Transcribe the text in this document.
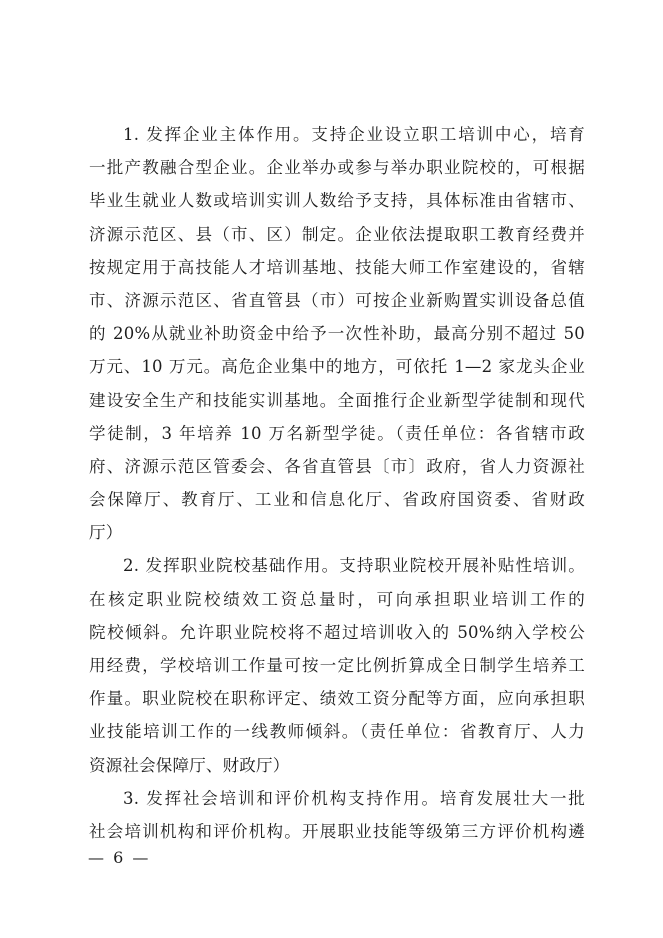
1. 发挥企业主体作用。支持企业设立职工培训中心，培育
一批产教融合型企业。企业举办或参与举办职业院校的，可根据
毕业生就业人数或培训实训人数给予支持，具体标准由省辖市、
济源示范区、县（市、区）制定。企业依法提取职工教育经费并
按规定用于高技能人才培训基地、技能大师工作室建设的，省辖
市、济源示范区、省直管县（市）可按企业新购置实训设备总值
的 20%从就业补助资金中给予一次性补助，最高分别不超过 50
万元、10 万元。高危企业集中的地方，可依托 1—2 家龙头企业
建设安全生产和技能实训基地。全面推行企业新型学徒制和现代
学徒制，3 年培养 10 万名新型学徒。（责任单位：各省辖市政
府、济源示范区管委会、各省直管县〔市〕政府，省人力资源社
会保障厅、教育厅、工业和信息化厅、省政府国资委、省财政
厅）
2. 发挥职业院校基础作用。支持职业院校开展补贴性培训。
在核定职业院校绩效工资总量时，可向承担职业培训工作的
院校倾斜。允许职业院校将不超过培训收入的 50%纳入学校公
用经费，学校培训工作量可按一定比例折算成全日制学生培养工
作量。职业院校在职称评定、绩效工资分配等方面，应向承担职
业技能培训工作的一线教师倾斜。（责任单位：省教育厅、人力
资源社会保障厅、财政厅）
3. 发挥社会培训和评价机构支持作用。培育发展壮大一批
社会培训机构和评价机构。开展职业技能等级第三方评价机构遴
— 6 —
